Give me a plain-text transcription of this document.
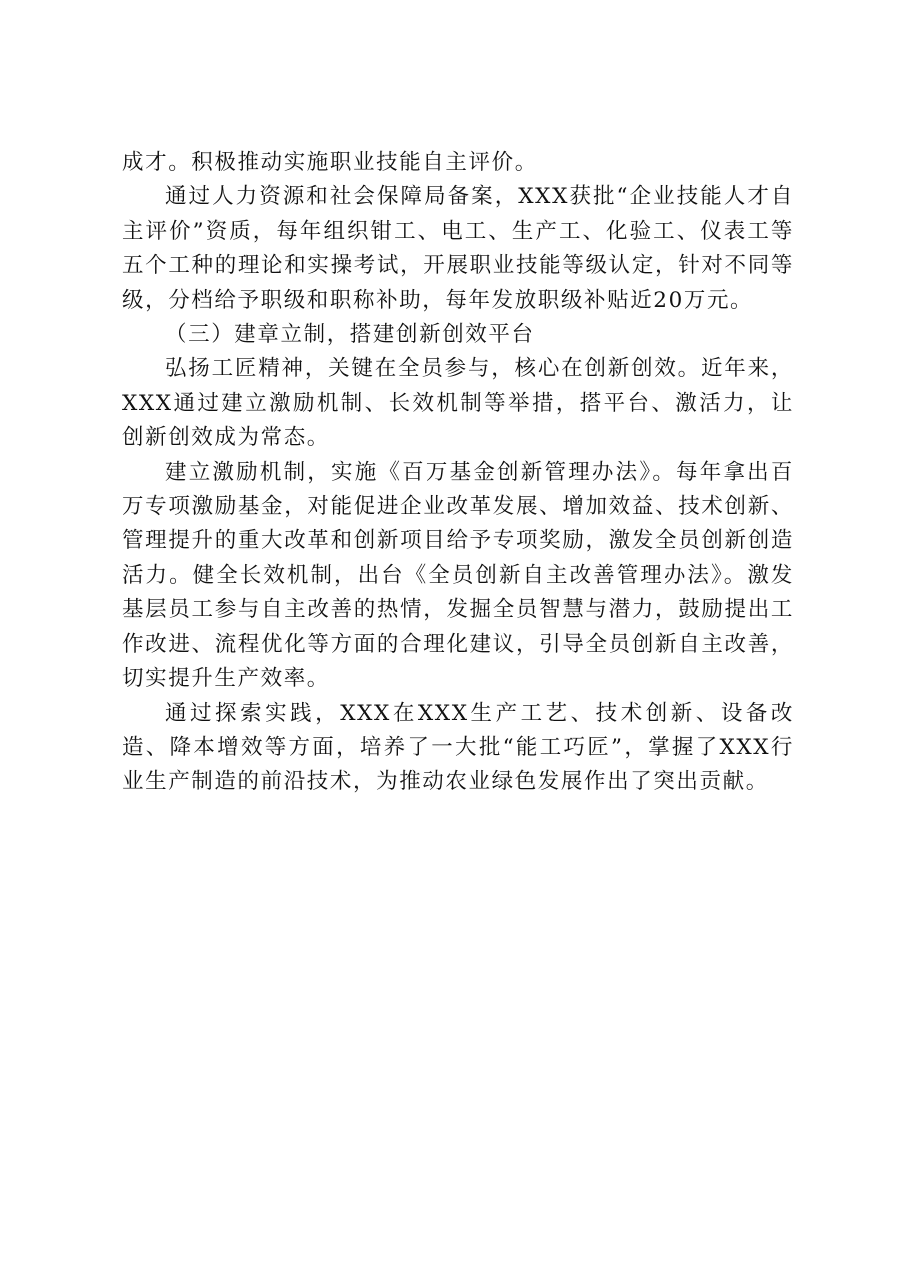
成才。积极推动实施职业技能自主评价。

通过人力资源和社会保障局备案，XXX获批“企业技能人才自主评价”资质，每年组织钳工、电工、生产工、化验工、仪表工等五个工种的理论和实操考试，开展职业技能等级认定，针对不同等级，分档给予职级和职称补助，每年发放职级补贴近20万元。

（三）建章立制，搭建创新创效平台

弘扬工匠精神，关键在全员参与，核心在创新创效。近年来，XXX通过建立激励机制、长效机制等举措，搭平台、激活力，让创新创效成为常态。

建立激励机制，实施《百万基金创新管理办法》。每年拿出百万专项激励基金，对能促进企业改革发展、增加效益、技术创新、管理提升的重大改革和创新项目给予专项奖励，激发全员创新创造活力。健全长效机制，出台《全员创新自主改善管理办法》。激发基层员工参与自主改善的热情，发掘全员智慧与潜力，鼓励提出工作改进、流程优化等方面的合理化建议，引导全员创新自主改善，切实提升生产效率。

通过探索实践，XXX在XXX生产工艺、技术创新、设备改造、降本增效等方面，培养了一大批“能工巧匠”，掌握了XXX行业生产制造的前沿技术，为推动农业绿色发展作出了突出贡献。
